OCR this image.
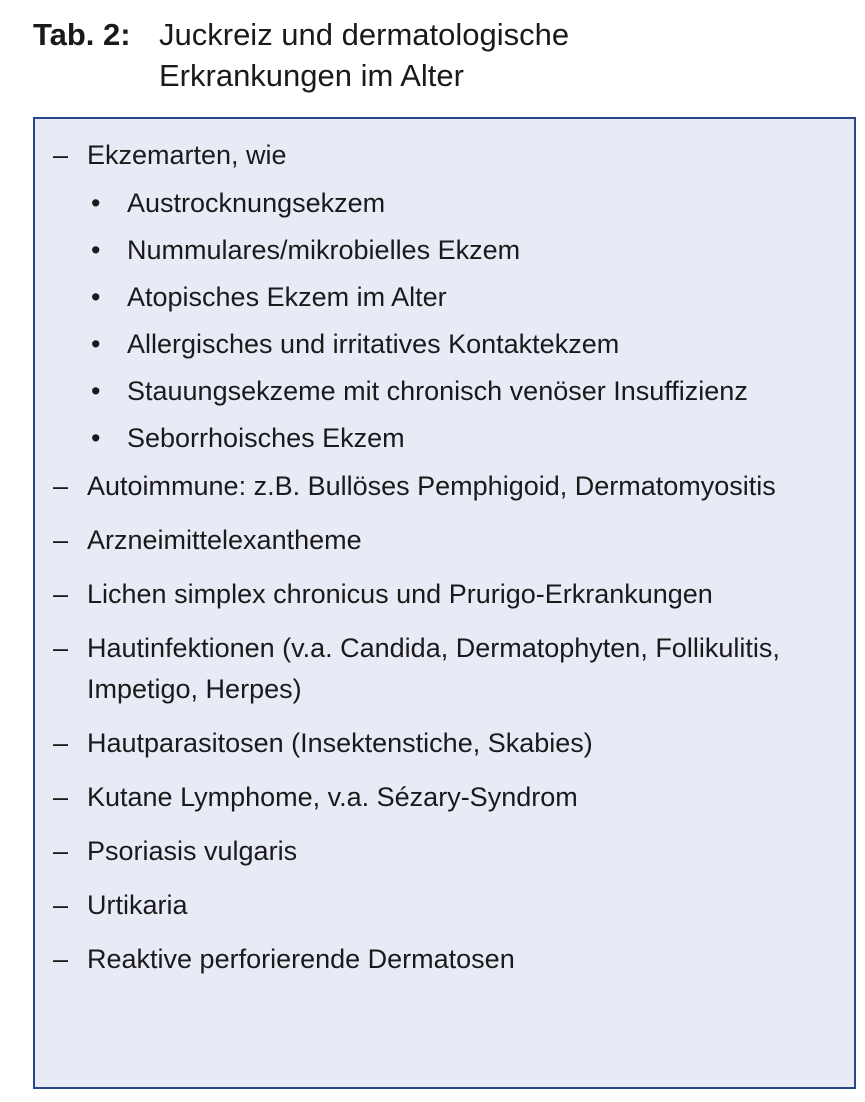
Tab. 2: Juckreiz und dermatologische
Erkrankungen im Alter
– Ekzemarten, wie
• Austrocknungsekzem
• Nummulares/mikrobielles Ekzem
• Atopisches Ekzem im Alter
• Allergisches und irritatives Kontaktekzem
• Stauungsekzeme mit chronisch venöser Insuffizienz
• Seborrhoisches Ekzem
– Autoimmune: z.B. Bullöses Pemphigoid, Dermatomyositis
– Arzneimittelexantheme
– Lichen simplex chronicus und Prurigo-Erkrankungen
– Hautinfektionen (v.a. Candida, Dermatophyten, Follikulitis, Impetigo, Herpes)
– Hautparasitosen (Insektenstiche, Skabies)
– Kutane Lymphome, v.a. Sézary-Syndrom
– Psoriasis vulgaris
– Urtikaria
– Reaktive perforierende Dermatosen
